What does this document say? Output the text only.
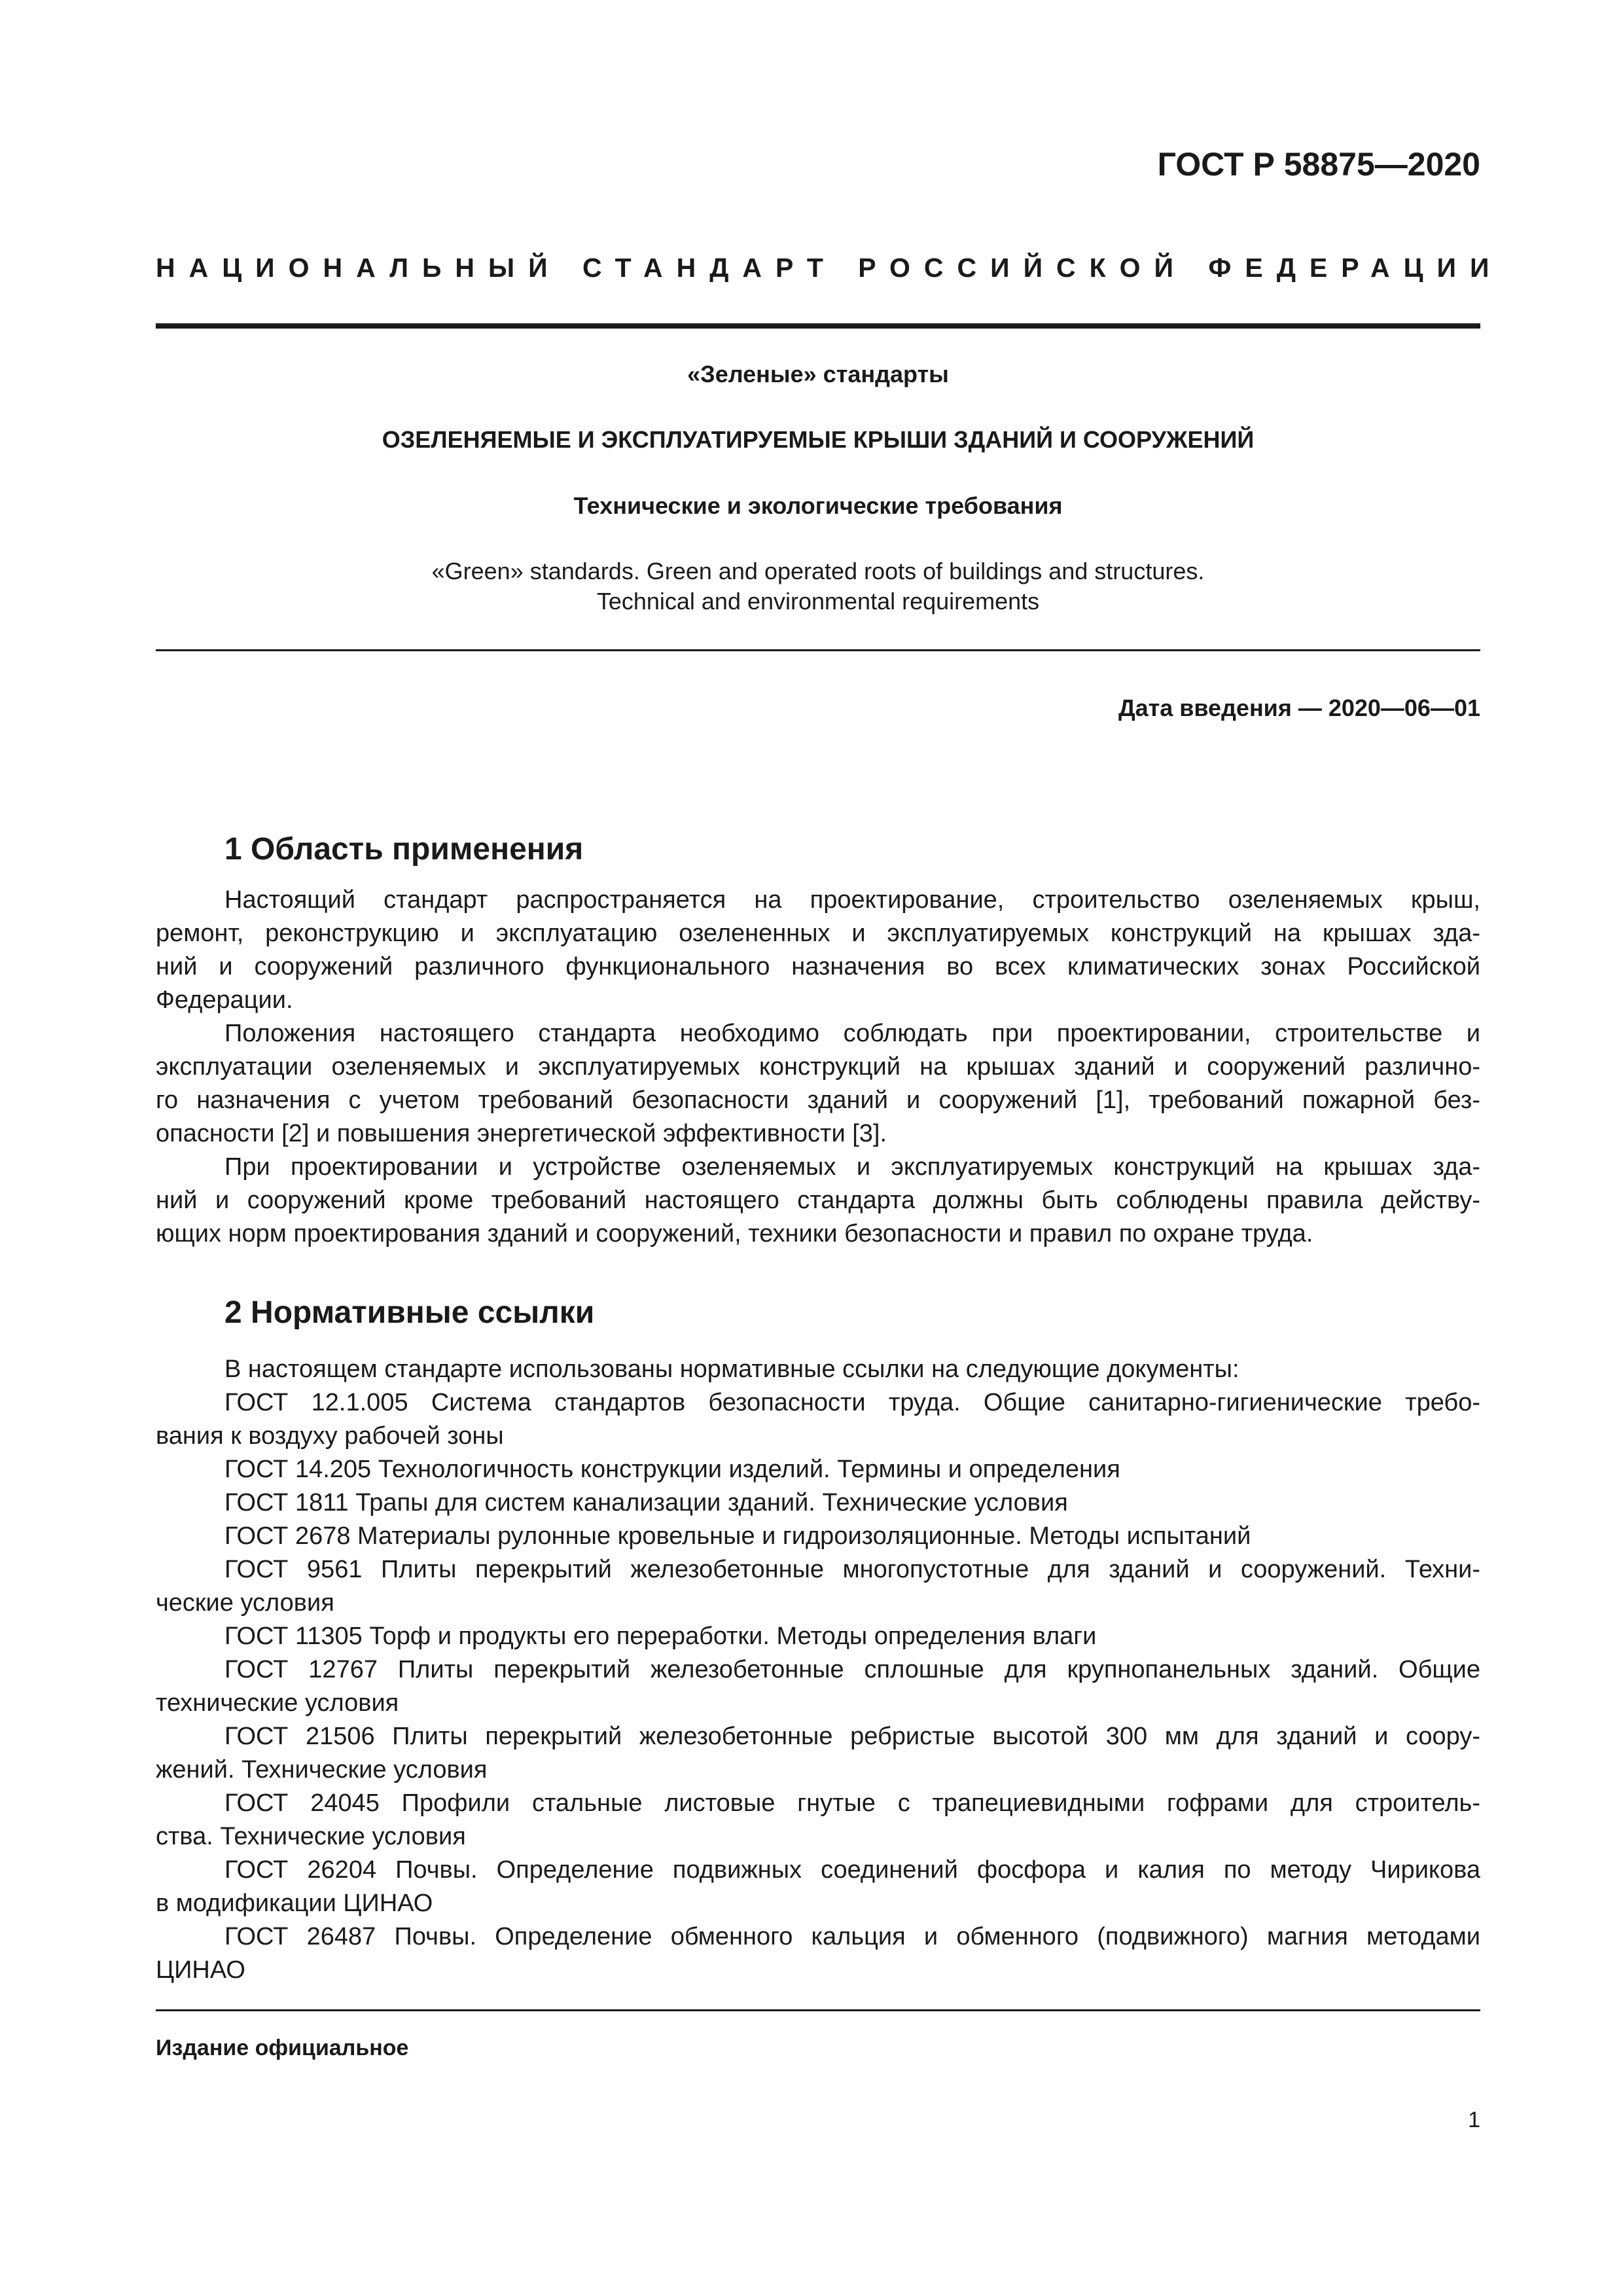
ГОСТ Р 58875—2020
НАЦИОНАЛЬНЫЙ СТАНДАРТ РОССИЙСКОЙ ФЕДЕРАЦИИ
«Зеленые» стандарты
ОЗЕЛЕНЯЕМЫЕ И ЭКСПЛУАТИРУЕМЫЕ КРЫШИ ЗДАНИЙ И СООРУЖЕНИЙ
Технические и экологические требования
«Green» standards. Green and operated roots of buildings and structures.
Technical and environmental requirements
Дата введения — 2020—06—01
1 Область применения
Настоящий стандарт распространяется на проектирование, строительство озеленяемых крыш,
ремонт, реконструкцию и эксплуатацию озелененных и эксплуатируемых конструкций на крышах зда-
ний и сооружений различного функционального назначения во всех климатических зонах Российской
Федерации.
Положения настоящего стандарта необходимо соблюдать при проектировании, строительстве и
эксплуатации озеленяемых и эксплуатируемых конструкций на крышах зданий и сооружений различно-
го назначения с учетом требований безопасности зданий и сооружений [1], требований пожарной без-
опасности [2] и повышения энергетической эффективности [3].
При проектировании и устройстве озеленяемых и эксплуатируемых конструкций на крышах зда-
ний и сооружений кроме требований настоящего стандарта должны быть соблюдены правила действу-
ющих норм проектирования зданий и сооружений, техники безопасности и правил по охране труда.
2 Нормативные ссылки
В настоящем стандарте использованы нормативные ссылки на следующие документы:
ГОСТ 12.1.005 Система стандартов безопасности труда. Общие санитарно-гигиенические требо-
вания к воздуху рабочей зоны
ГОСТ 14.205 Технологичность конструкции изделий. Термины и определения
ГОСТ 1811 Трапы для систем канализации зданий. Технические условия
ГОСТ 2678 Материалы рулонные кровельные и гидроизоляционные. Методы испытаний
ГОСТ 9561 Плиты перекрытий железобетонные многопустотные для зданий и сооружений. Техни-
ческие условия
ГОСТ 11305 Торф и продукты его переработки. Методы определения влаги
ГОСТ 12767 Плиты перекрытий железобетонные сплошные для крупнопанельных зданий. Общие
технические условия
ГОСТ 21506 Плиты перекрытий железобетонные ребристые высотой 300 мм для зданий и соору-
жений. Технические условия
ГОСТ 24045 Профили стальные листовые гнутые с трапециевидными гофрами для строитель-
ства. Технические условия
ГОСТ 26204 Почвы. Определение подвижных соединений фосфора и калия по методу Чирикова
в модификации ЦИНАО
ГОСТ 26487 Почвы. Определение обменного кальция и обменного (подвижного) магния методами
ЦИНАО
Издание официальное
1
